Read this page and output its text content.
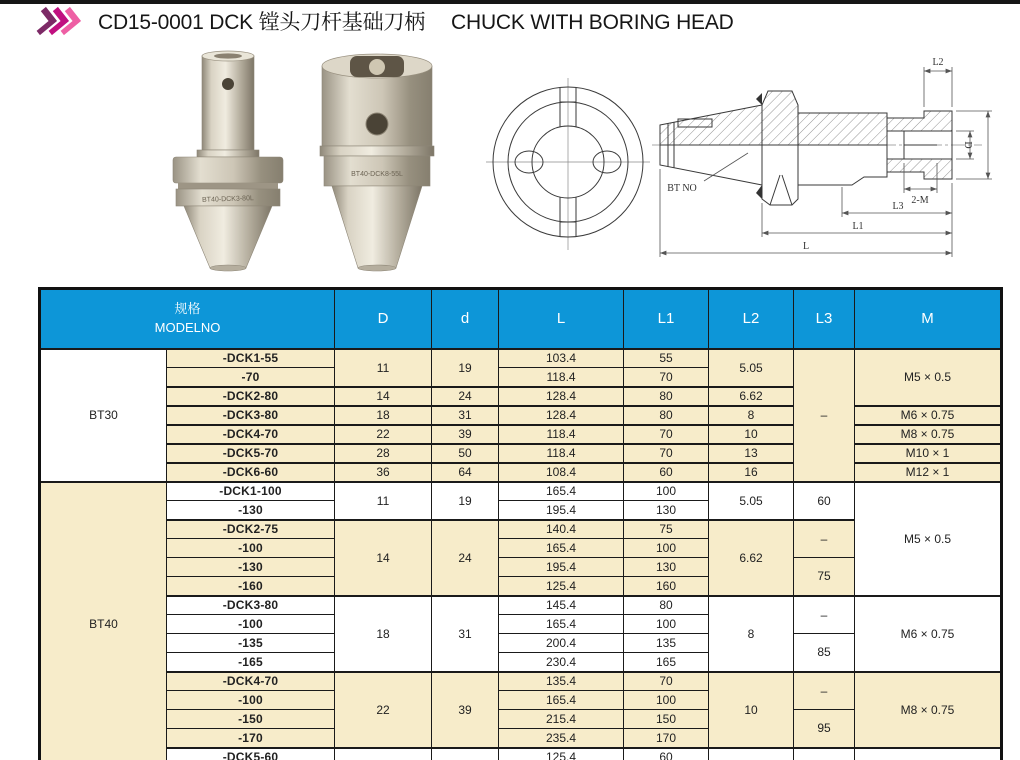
CD15-0001 DCK 镗头刀杆基础刀柄 CHUCK WITH BORING HEAD
BT40-DCK3-80L
BT40-DCK8-55L
L2
D
2-M
L3
L1
L
BT NO
规格
MODELNO		D	d	L	L1	L2	L3	M
BT30	-DCK1-55	11	19	103.4	55	5.05	–	M5 × 0.5
	-70			118.4	70			
	-DCK2-80	14	24	128.4	80	6.62		
	-DCK3-80	18	31	128.4	80	8		M6 × 0.75
	-DCK4-70	22	39	118.4	70	10		M8 × 0.75
	-DCK5-70	28	50	118.4	70	13		M10 × 1
	-DCK6-60	36	64	108.4	60	16		M12 × 1
BT40	-DCK1-100	11	19	165.4	100	5.05	60	M5 × 0.5
	-130			195.4	130			
	-DCK2-75	14	24	140.4	75	6.62	–	
	-100			165.4	100			
	-130			195.4	130		75	
	-160			125.4	160			
	-DCK3-80	18	31	145.4	80	8	–	M6 × 0.75
	-100			165.4	100			
	-135			200.4	135		85	
	-165			230.4	165			
	-DCK4-70	22	39	135.4	70	10	–	M8 × 0.75
	-100			165.4	100			
	-150			215.4	150		95	
	-170			235.4	170			
	-DCK5-60			125.4	60			
